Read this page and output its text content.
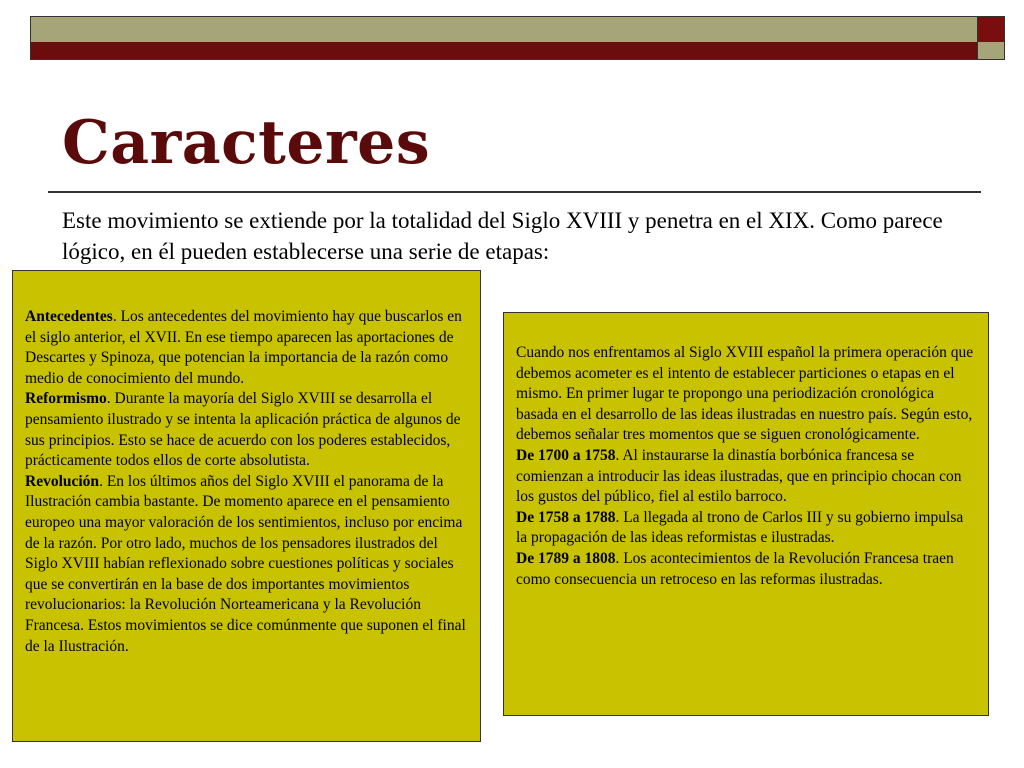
Caracteres

Este movimiento se extiende por la totalidad del Siglo XVIII y penetra en el XIX. Como parece lógico, en él pueden establecerse una serie de etapas:

Antecedentes. Los antecedentes del movimiento hay que buscarlos en el siglo anterior, el XVII. En ese tiempo aparecen las aportaciones de Descartes y Spinoza, que potencian la importancia de la razón como medio de conocimiento del mundo.

Reformismo. Durante la mayoría del Siglo XVIII se desarrolla el pensamiento ilustrado y se intenta la aplicación práctica de algunos de sus principios. Esto se hace de acuerdo con los poderes establecidos, prácticamente todos ellos de corte absolutista.

Revolución. En los últimos años del Siglo XVIII el panorama de la Ilustración cambia bastante. De momento aparece en el pensamiento europeo una mayor valoración de los sentimientos, incluso por encima de la razón. Por otro lado, muchos de los pensadores ilustrados del Siglo XVIII habían reflexionado sobre cuestiones políticas y sociales que se convertirán en la base de dos importantes movimientos revolucionarios: la Revolución Norteamericana y la Revolución Francesa. Estos movimientos se dice comúnmente que suponen el final de la Ilustración.

Cuando nos enfrentamos al Siglo XVIII español la primera operación que debemos acometer es el intento de establecer particiones o etapas en el mismo. En primer lugar te propongo una periodización cronológica basada en el desarrollo de las ideas ilustradas en nuestro país. Según esto, debemos señalar tres momentos que se siguen cronológicamente.

De 1700 a 1758. Al instaurarse la dinastía borbónica francesa se comienzan a introducir las ideas ilustradas, que en principio chocan con los gustos del público, fiel al estilo barroco.

De 1758 a 1788. La llegada al trono de Carlos III y su gobierno impulsa la propagación de las ideas reformistas e ilustradas.

De 1789 a 1808. Los acontecimientos de la Revolución Francesa traen como consecuencia un retroceso en las reformas ilustradas.
